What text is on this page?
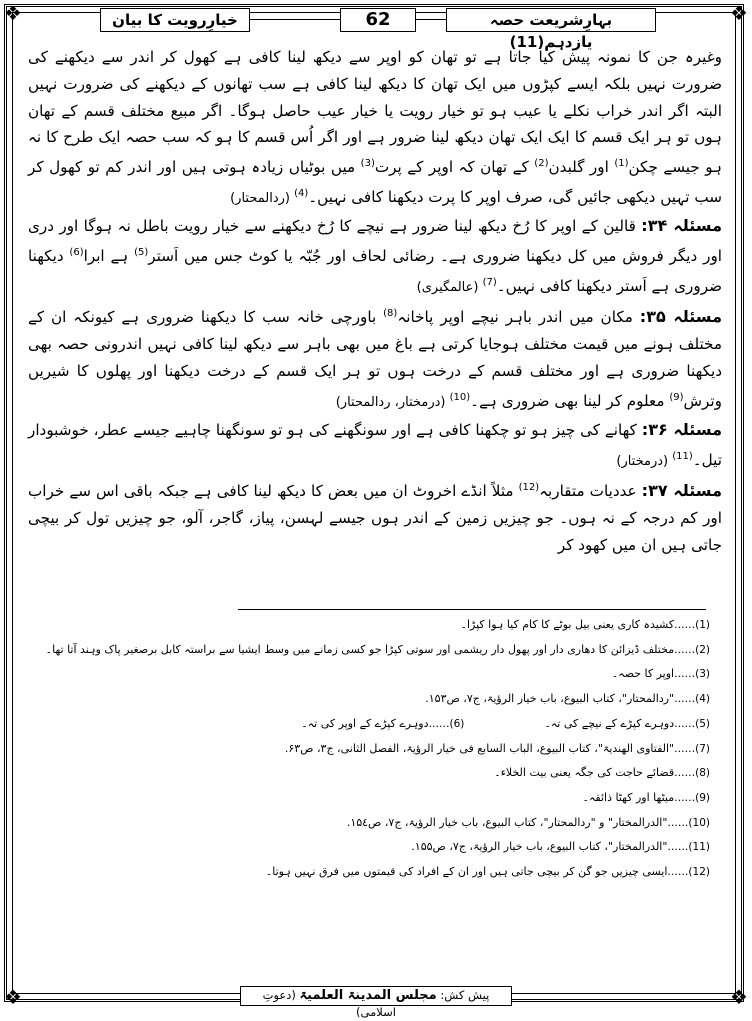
❖	❖
❖	❖
بہارِشریعت حصہ یازدہم(11)
62
خیارِرویت کا بیان

وغیرہ جن کا نمونہ پیش کیا جاتا ہے تو تھان کو اوپر سے دیکھ لینا کافی ہے کھول کر اندر سے دیکھنے کی ضرورت نہیں بلکہ ایسے کپڑوں میں ایک تھان کا دیکھ لینا کافی ہے سب تھانوں کے دیکھنے کی ضرورت نہیں البتہ اگر اندر خراب نکلے یا عیب ہو تو خیار رویت یا خیار عیب حاصل ہوگا۔ اگر مبیع مختلف قسم کے تھان ہوں تو ہر ایک قسم کا ایک ایک تھان دیکھ لینا ضرور ہے اور اگر اُس قسم کا ہو کہ سب حصہ ایک طرح کا نہ ہو جیسے چکن$^{(1)}$ اور گلبدن$^{(2)}$ کے تھان کہ اوپر کے پرت$^{(3)}$ میں بوٹیاں زیادہ ہوتی ہیں اور اندر کم تو کھول کر سب تہیں دیکھی جائیں گی، صرف اوپر کا پرت دیکھنا کافی نہیں۔$^{(4)}$ (ردالمحتار)

مسئلہ ۳۴: قالین کے اوپر کا رُخ دیکھ لینا ضرور ہے نیچے کا رُخ دیکھنے سے خیار رویت باطل نہ ہوگا اور دری اور دیگر فروش میں کل دیکھنا ضروری ہے۔ رضائی لحاف اور جُبّہ یا کوٹ جس میں اَستر$^{(5)}$ ہے ابرا$^{(6)}$ دیکھنا ضروری ہے اَستر دیکھنا کافی نہیں۔$^{(7)}$ (عالمگیری)

مسئلہ ۳۵: مکان میں اندر باہر نیچے اوپر پاخانہ$^{(8)}$ باورچی خانہ سب کا دیکھنا ضروری ہے کیونکہ ان کے مختلف ہونے میں قیمت مختلف ہوجایا کرتی ہے باغ میں بھی باہر سے دیکھ لینا کافی نہیں اندرونی حصہ بھی دیکھنا ضروری ہے اور مختلف قسم کے درخت ہوں تو ہر ایک قسم کے درخت دیکھنا اور پھلوں کا شیریں وترش$^{(9)}$ معلوم کر لینا بھی ضروری ہے۔$^{(10)}$ (درمختار، ردالمحتار)

مسئلہ ۳۶: کھانے کی چیز ہو تو چکھنا کافی ہے اور سونگھنے کی ہو تو سونگھنا چاہیے جیسے عطر، خوشبودار تیل۔$^{(11)}$ (درمختار)

مسئلہ ۳۷: عددیات متقاربہ$^{(12)}$ مثلاً انڈے اخروٹ ان میں بعض کا دیکھ لینا کافی ہے جبکہ باقی اس سے خراب اور کم درجہ کے نہ ہوں۔ جو چیزیں زمین کے اندر ہوں جیسے لہسن، پیاز، گاجر، آلو، جو چیزیں تول کر بیچی جاتی ہیں ان میں کھود کر

(1)......کشیدہ کاری یعنی بیل بوٹے کا کام کیا ہوا کپڑا۔
(2)......مختلف ڈیزائن کا دھاری دار اور پھول دار ریشمی اور سوتی کپڑا جو کسی زمانے میں وسط ایشیا سے براستہ کابل برصغیر پاک وہند آتا تھا۔
(3)......اوپر کا حصہ۔
(4)......"ردالمحتار"، کتاب البیوع، باب خیار الرؤیۃ، ج۷، ص۱۵۳.
(5)......دوہرے کپڑے کے نیچے کی تہ۔(6)......دوہرے کپڑے کے اوپر کی تہ۔
(7)......"الفتاوی الھندیۃ"، کتاب البیوع، الباب السابع فی خیار الرؤیۃ، الفصل الثانی، ج۳، ص۶۳.
(8)......قضائے حاجت کی جگہ یعنی بیت الخلاء۔
(9)......میٹھا اور کھٹا ذائقہ۔
(10)......"الدرالمختار" و "ردالمحتار"، کتاب البیوع، باب خیار الرؤیۃ، ج۷، ص۱۵٤.
(11)......"الدرالمختار"، کتاب البیوع، باب خیار الرؤیۃ، ج۷، ص۱۵۵.
(12)......ایسی چیزیں جو گن کر بیچی جاتی ہیں اور ان کے افراد کی قیمتوں میں فرق نہیں ہوتا۔
پیش کش: مجلس المدینۃ العلمیۃ (دعوتِ اسلامی)
